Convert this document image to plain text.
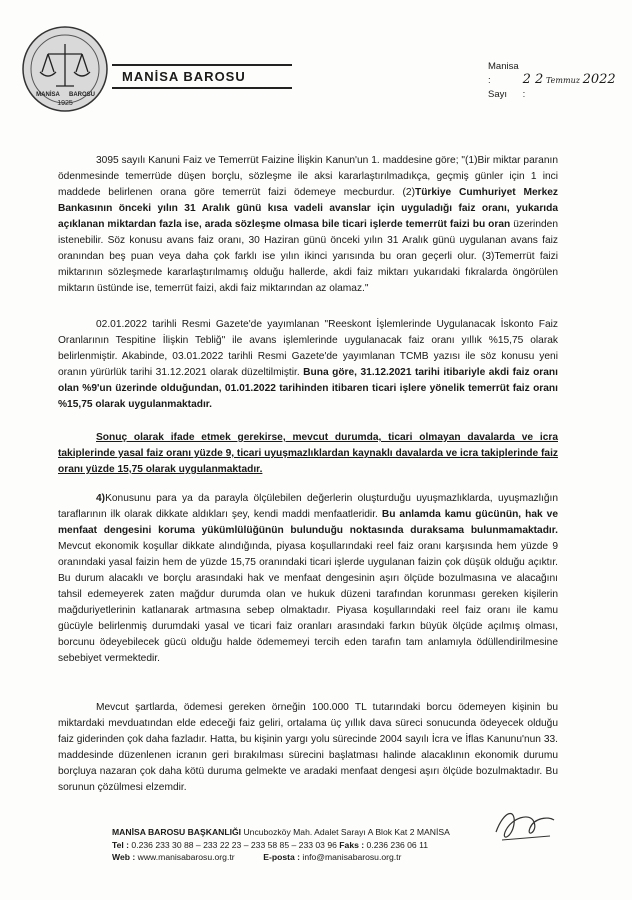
MANİSA BAROSU
1925
MANİSA BAROSU
Manisa : 2 2 Temmuz 2022
Sayı :

3095 sayılı Kanuni Faiz ve Temerrüt Faizine İlişkin Kanun'un 1. maddesine göre; "(1)Bir miktar paranın ödenmesinde temerrüde düşen borçlu, sözleşme ile aksi kararlaştırılmadıkça, geçmiş günler için 1 inci maddede belirlenen orana göre temerrüt faizi ödemeye mecburdur. (2)Türkiye Cumhuriyet Merkez Bankasının önceki yılın 31 Aralık günü kısa vadeli avanslar için uyguladığı faiz oranı, yukarıda açıklanan miktardan fazla ise, arada sözleşme olmasa bile ticari işlerde temerrüt faizi bu oran üzerinden istenebilir. Söz konusu avans faiz oranı, 30 Haziran günü önceki yılın 31 Aralık günü uygulanan avans faiz oranından beş puan veya daha çok farklı ise yılın ikinci yarısında bu oran geçerli olur. (3)Temerrüt faizi miktarının sözleşmede kararlaştırılmamış olduğu hallerde, akdi faiz miktarı yukarıdaki fıkralarda öngörülen miktarın üstünde ise, temerrüt faizi, akdi faiz miktarından az olamaz."

02.01.2022 tarihli Resmi Gazete'de yayımlanan "Reeskont İşlemlerinde Uygulanacak İskonto Faiz Oranlarının Tespitine İlişkin Tebliğ" ile avans işlemlerinde uygulanacak faiz oranı yıllık %15,75 olarak belirlenmiştir. Akabinde, 03.01.2022 tarihli Resmi Gazete'de yayımlanan TCMB yazısı ile söz konusu yeni oranın yürürlük tarihi 31.12.2021 olarak düzeltilmiştir. Buna göre, 31.12.2021 tarihi itibariyle akdi faiz oranı olan %9'un üzerinde olduğundan, 01.01.2022 tarihinden itibaren ticari işlere yönelik temerrüt faiz oranı %15,75 olarak uygulanmaktadır.

Sonuç olarak ifade etmek gerekirse, mevcut durumda, ticari olmayan davalarda ve icra takiplerinde yasal faiz oranı yüzde 9, ticari uyuşmazlıklardan kaynaklı davalarda ve icra takiplerinde faiz oranı yüzde 15,75 olarak uygulanmaktadır.

4)Konusunu para ya da parayla ölçülebilen değerlerin oluşturduğu uyuşmazlıklarda, uyuşmazlığın taraflarının ilk olarak dikkate aldıkları şey, kendi maddi menfaatleridir. Bu anlamda kamu gücünün, hak ve menfaat dengesini koruma yükümlülüğünün bulunduğu noktasında duraksama bulunmamaktadır. Mevcut ekonomik koşullar dikkate alındığında, piyasa koşullarındaki reel faiz oranı karşısında hem yüzde 9 oranındaki yasal faizin hem de yüzde 15,75 oranındaki ticari işlerde uygulanan faizin çok düşük olduğu açıktır. Bu durum alacaklı ve borçlu arasındaki hak ve menfaat dengesinin aşırı ölçüde bozulmasına ve alacağını tahsil edemeyerek zaten mağdur durumda olan ve hukuk düzeni tarafından korunması gereken kişilerin mağduriyetlerinin katlanarak artmasına sebep olmaktadır. Piyasa koşullarındaki reel faiz oranı ile kamu gücüyle belirlenmiş durumdaki yasal ve ticari faiz oranları arasındaki farkın büyük ölçüde açılmış olması, borcunu ödeyebilecek gücü olduğu halde ödememeyi tercih eden tarafın tam anlamıyla ödüllendirilmesine sebebiyet vermektedir.

Mevcut şartlarda, ödemesi gereken örneğin 100.000 TL tutarındaki borcu ödemeyen kişinin bu miktardaki mevduatından elde edeceği faiz geliri, ortalama üç yıllık dava süreci sonucunda ödeyecek olduğu faiz giderinden çok daha fazladır. Hatta, bu kişinin yargı yolu sürecinde 2004 sayılı İcra ve İflas Kanunu'nun 33. maddesinde düzenlenen icranın geri bırakılması sürecini başlatması halinde alacaklının ekonomik durumu borçluya nazaran çok daha kötü duruma gelmekte ve aradaki menfaat dengesi aşırı ölçüde bozulmaktadır. Bu sorunun çözülmesi elzemdir.

MANİSA BAROSU BAŞKANLIĞI Uncubozköy Mah. Adalet Sarayı A Blok Kat 2 MANİSA
Tel : 0.236 233 30 88 – 233 22 23 – 233 58 85 – 233 03 96 Faks : 0.236 236 06 11
Web : www.manisabarosu.org.tr	E-posta : info@manisabarosu.org.tr
